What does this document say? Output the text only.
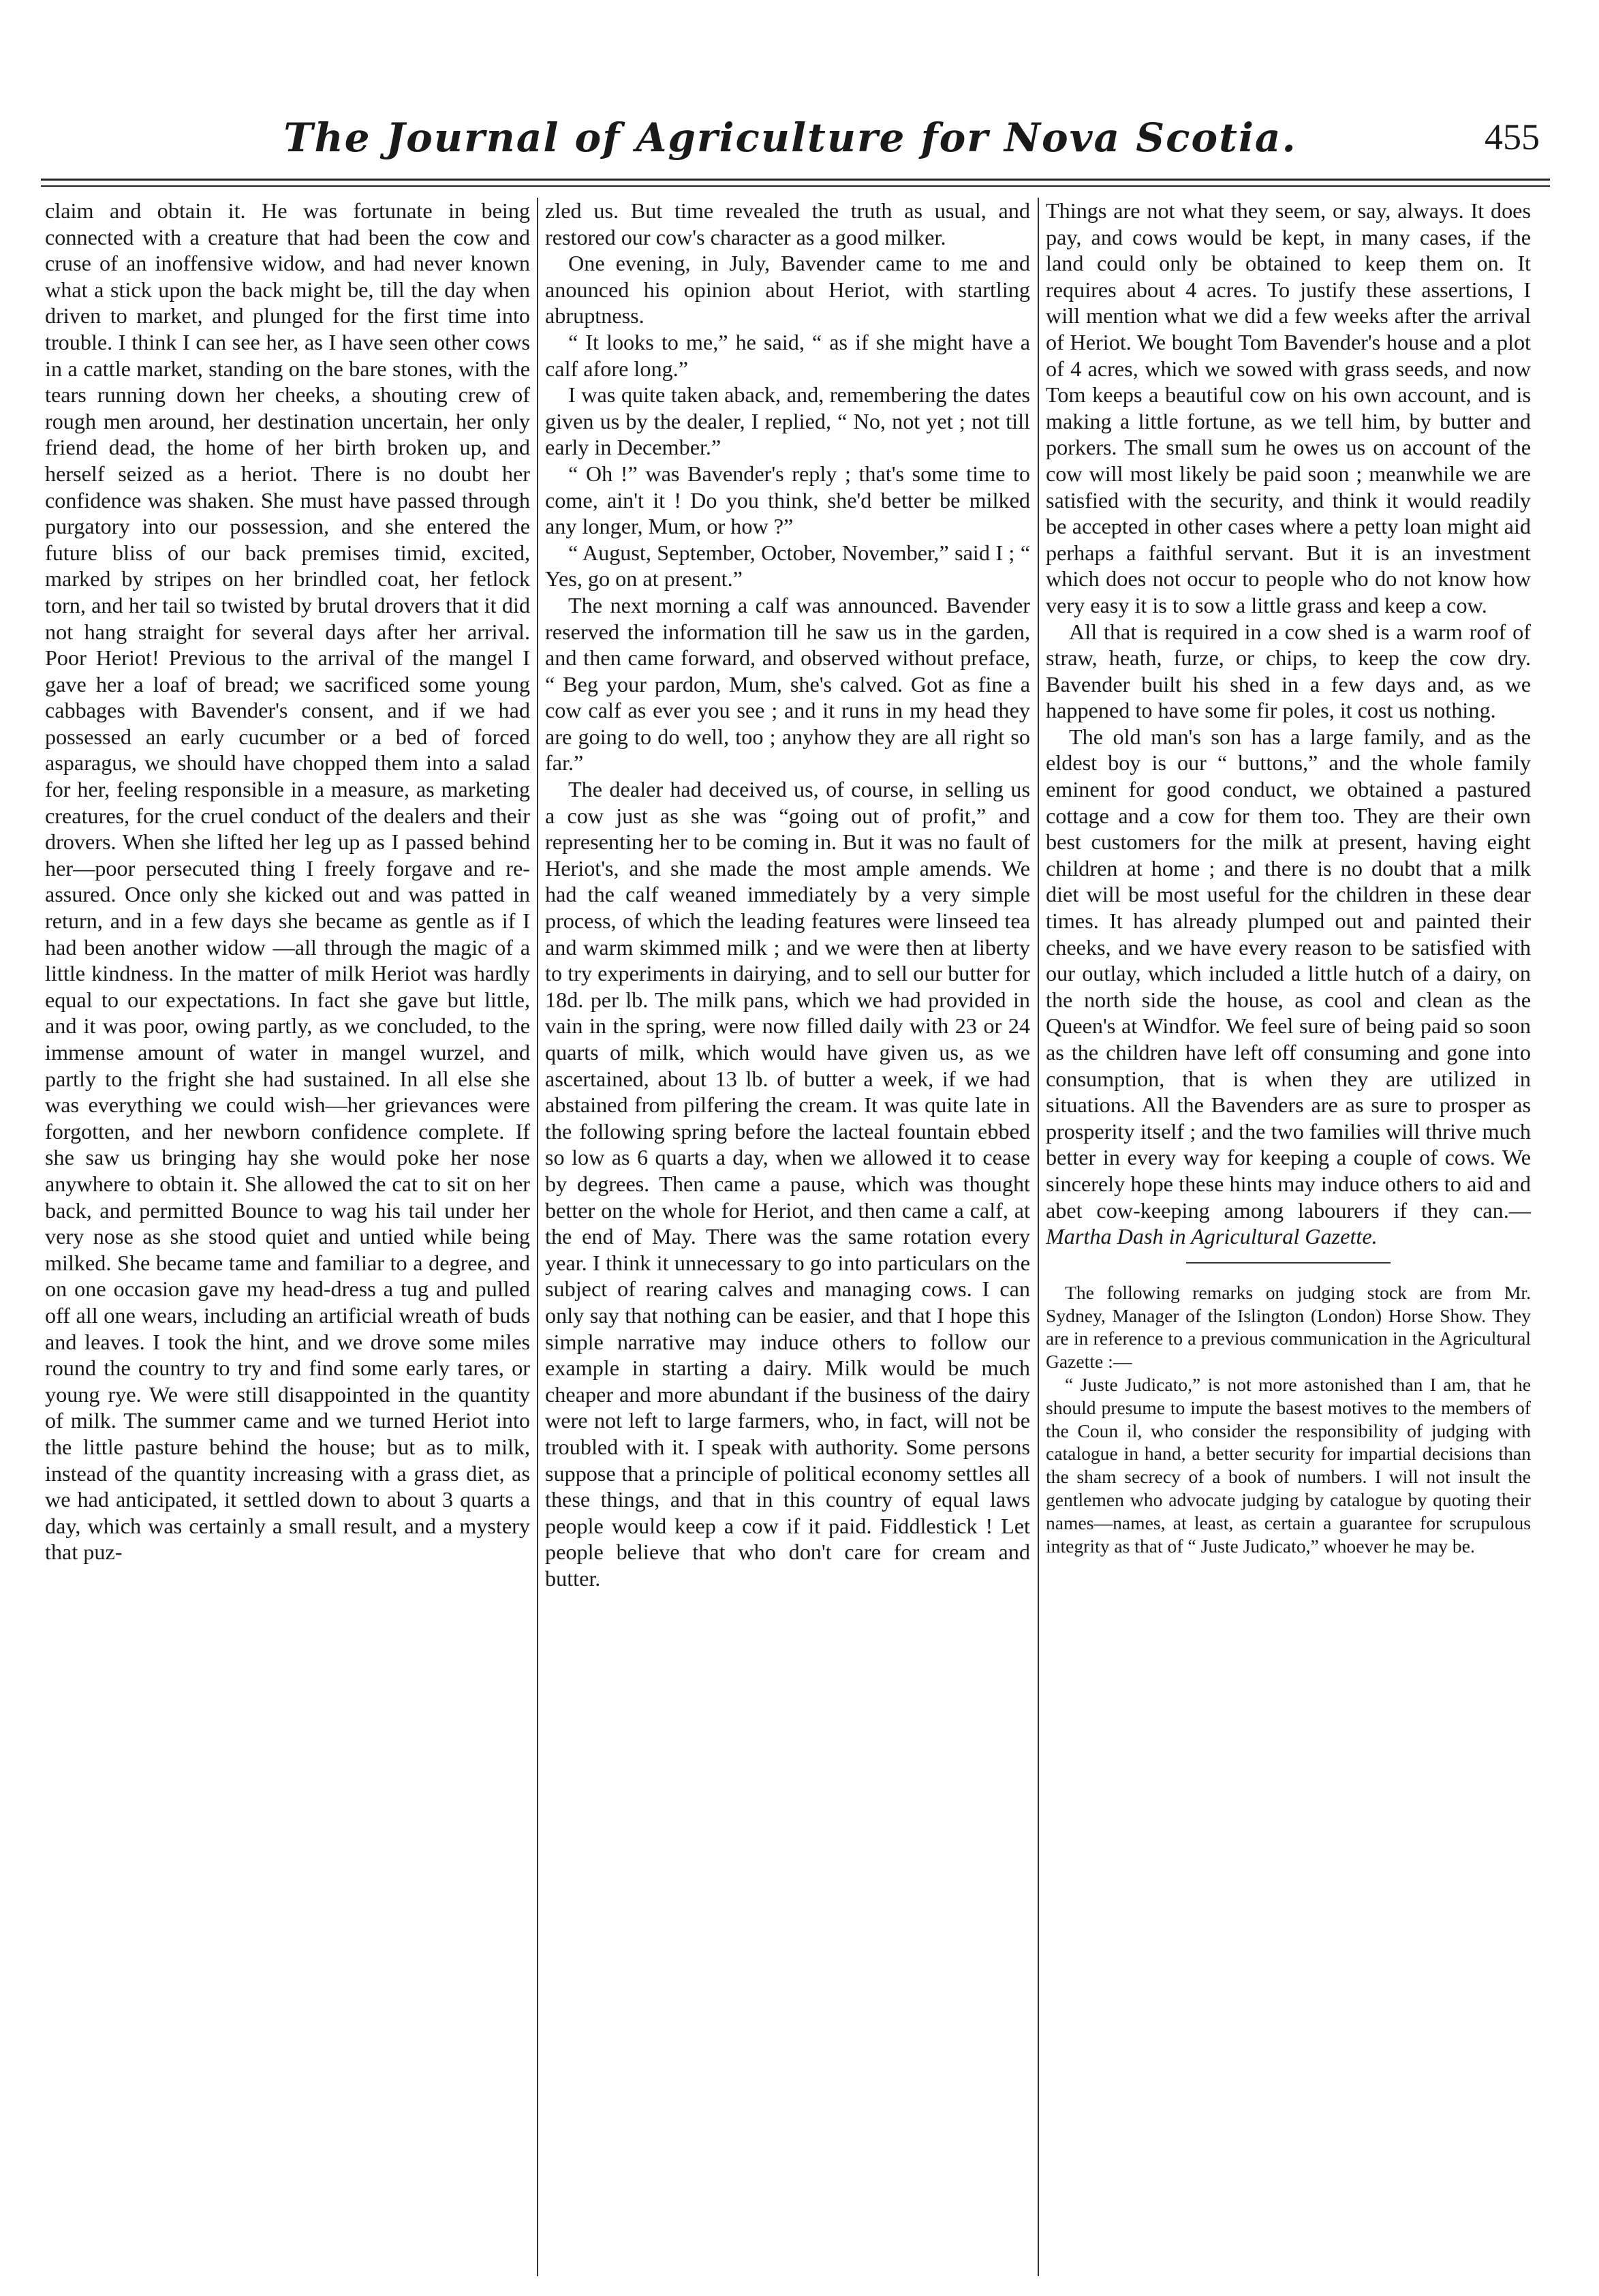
The Journal of Agriculture for Nova Scotia.	455

claim and obtain it. He was fortunate in being connected with a creature that had been the cow and cruse of an inoffensive widow, and had never known what a stick upon the back might be, till the day when driven to market, and plunged for the first time into trouble. I think I can see her, as I have seen other cows in a cattle market, standing on the bare stones, with the tears running down her cheeks, a shouting crew of rough men around, her destination uncertain, her only friend dead, the home of her birth broken up, and herself seized as a heriot. There is no doubt her confidence was shaken. She must have passed through purgatory into our possession, and she entered the future bliss of our back premises timid, excited, marked by stripes on her brindled coat, her fetlock torn, and her tail so twisted by brutal drovers that it did not hang straight for several days after her arrival. Poor Heriot! Previous to the arrival of the mangel I gave her a loaf of bread; we sacrificed some young cabbages with Bavender's consent, and if we had possessed an early cucumber or a bed of forced asparagus, we should have chopped them into a salad for her, feeling responsible in a measure, as marketing creatures, for the cruel conduct of the dealers and their drovers. When she lifted her leg up as I passed behind her—poor persecuted thing I freely forgave and re-assured. Once only she kicked out and was patted in return, and in a few days she became as gentle as if I had been another widow —all through the magic of a little kindness. In the matter of milk Heriot was hardly equal to our expectations. In fact she gave but little, and it was poor, owing partly, as we concluded, to the immense amount of water in mangel wurzel, and partly to the fright she had sustained. In all else she was everything we could wish—her grievances were forgotten, and her newborn confidence complete. If she saw us bringing hay she would poke her nose anywhere to obtain it. She allowed the cat to sit on her back, and permitted Bounce to wag his tail under her very nose as she stood quiet and untied while being milked. She became tame and familiar to a degree, and on one occasion gave my head-dress a tug and pulled off all one wears, including an artificial wreath of buds and leaves. I took the hint, and we drove some miles round the country to try and find some early tares, or young rye. We were still disappointed in the quantity of milk. The summer came and we turned Heriot into the little pasture behind the house; but as to milk, instead of the quantity increasing with a grass diet, as we had anticipated, it settled down to about 3 quarts a day, which was certainly a small result, and a mystery that puz-

zled us. But time revealed the truth as usual, and restored our cow's character as a good milker.

One evening, in July, Bavender came to me and anounced his opinion about Heriot, with startling abruptness.

“ It looks to me,” he said, “ as if she might have a calf afore long.”

I was quite taken aback, and, remembering the dates given us by the dealer, I replied, “ No, not yet ; not till early in December.”

“ Oh !” was Bavender's reply ; that's some time to come, ain't it ! Do you think, she'd better be milked any longer, Mum, or how ?”

“ August, September, October, November,” said I ; “ Yes, go on at present.”

The next morning a calf was announced. Bavender reserved the information till he saw us in the garden, and then came forward, and observed without preface, “ Beg your pardon, Mum, she's calved. Got as fine a cow calf as ever you see ; and it runs in my head they are going to do well, too ; anyhow they are all right so far.”

The dealer had deceived us, of course, in selling us a cow just as she was “going out of profit,” and representing her to be coming in. But it was no fault of Heriot's, and she made the most ample amends. We had the calf weaned immediately by a very simple process, of which the leading features were linseed tea and warm skimmed milk ; and we were then at liberty to try experiments in dairying, and to sell our butter for 18d. per lb. The milk pans, which we had provided in vain in the spring, were now filled daily with 23 or 24 quarts of milk, which would have given us, as we ascertained, about 13 lb. of butter a week, if we had abstained from pilfering the cream. It was quite late in the following spring before the lacteal fountain ebbed so low as 6 quarts a day, when we allowed it to cease by degrees. Then came a pause, which was thought better on the whole for Heriot, and then came a calf, at the end of May. There was the same rotation every year. I think it unnecessary to go into particulars on the subject of rearing calves and managing cows. I can only say that nothing can be easier, and that I hope this simple narrative may induce others to follow our example in starting a dairy. Milk would be much cheaper and more abundant if the business of the dairy were not left to large farmers, who, in fact, will not be troubled with it. I speak with authority. Some persons suppose that a principle of political economy settles all these things, and that in this country of equal laws people would keep a cow if it paid. Fiddlestick ! Let people believe that who don't care for cream and butter.

Things are not what they seem, or say, always. It does pay, and cows would be kept, in many cases, if the land could only be obtained to keep them on. It requires about 4 acres. To justify these assertions, I will mention what we did a few weeks after the arrival of Heriot. We bought Tom Bavender's house and a plot of 4 acres, which we sowed with grass seeds, and now Tom keeps a beautiful cow on his own account, and is making a little fortune, as we tell him, by butter and porkers. The small sum he owes us on account of the cow will most likely be paid soon ; meanwhile we are satisfied with the security, and think it would readily be accepted in other cases where a petty loan might aid perhaps a faithful servant. But it is an investment which does not occur to people who do not know how very easy it is to sow a little grass and keep a cow.

All that is required in a cow shed is a warm roof of straw, heath, furze, or chips, to keep the cow dry. Bavender built his shed in a few days and, as we happened to have some fir poles, it cost us nothing.

The old man's son has a large family, and as the eldest boy is our “ buttons,” and the whole family eminent for good conduct, we obtained a pastured cottage and a cow for them too. They are their own best customers for the milk at present, having eight children at home ; and there is no doubt that a milk diet will be most useful for the children in these dear times. It has already plumped out and painted their cheeks, and we have every reason to be satisfied with our outlay, which included a little hutch of a dairy, on the north side the house, as cool and clean as the Queen's at Windfor. We feel sure of being paid so soon as the children have left off consuming and gone into consumption, that is when they are utilized in situations. All the Bavenders are as sure to prosper as prosperity itself ; and the two families will thrive much better in every way for keeping a couple of cows. We sincerely hope these hints may induce others to aid and abet cow-keeping among labourers if they can.—Martha Dash in Agricultural Gazette.

The following remarks on judging stock are from Mr. Sydney, Manager of the Islington (London) Horse Show. They are in reference to a previous communication in the Agricultural Gazette :—

“ Juste Judicato,” is not more astonished than I am, that he should presume to impute the basest motives to the members of the Coun il, who consider the responsibility of judging with catalogue in hand, a better security for impartial decisions than the sham secrecy of a book of numbers. I will not insult the gentlemen who advocate judging by catalogue by quoting their names—names, at least, as certain a guarantee for scrupulous integrity as that of “ Juste Judicato,” whoever he may be.
